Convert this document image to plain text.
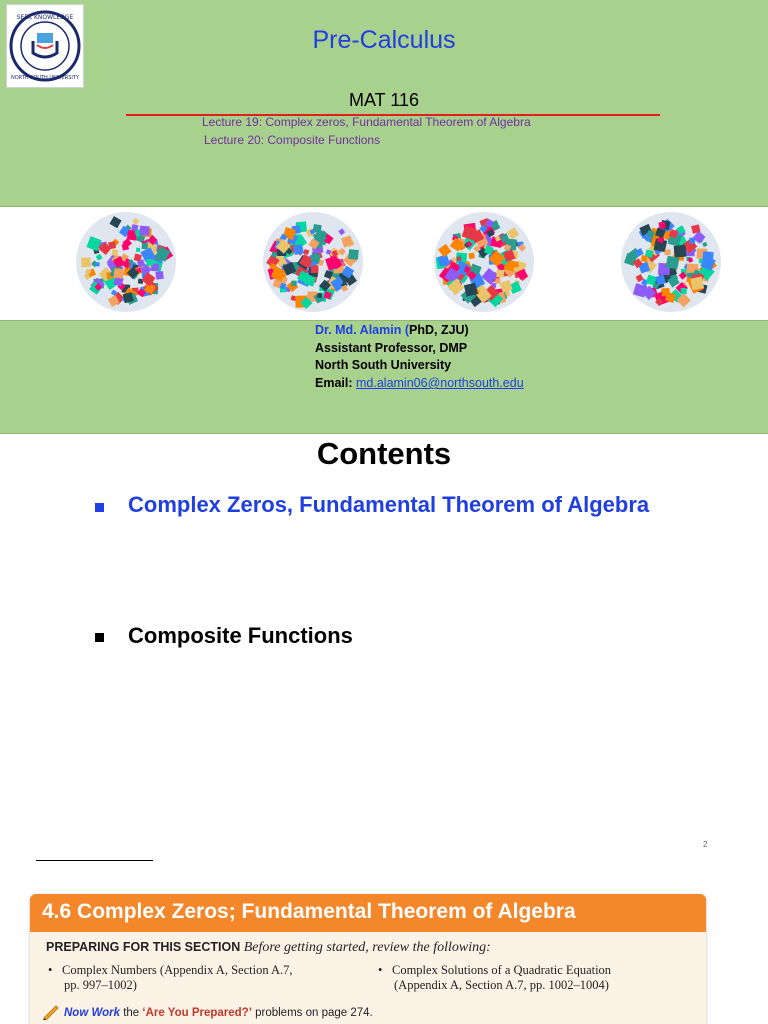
SEEK KNOWLEDGE
NORTH SOUTH UNIVERSITY
Pre-Calculus
MAT 116
Lecture 19: Complex zeros, Fundamental Theorem of Algebra
Lecture 20: Composite Functions
Dr. Md. Alamin (PhD, ZJU)
Assistant Professor, DMP
North South University
Email: md.alamin06@northsouth.edu
Contents
Complex Zeros, Fundamental Theorem of Algebra
Composite Functions
2
4.6 Complex Zeros; Fundamental Theorem of Algebra
PREPARING FOR THIS SECTION Before getting started, review the following:
• Complex Numbers (Appendix A, Section A.7,
pp. 997–1002)
• Complex Solutions of a Quadratic Equation
(Appendix A, Section A.7, pp. 1002–1004)
Now Work the ‘Are You Prepared?’ problems on page 274.
